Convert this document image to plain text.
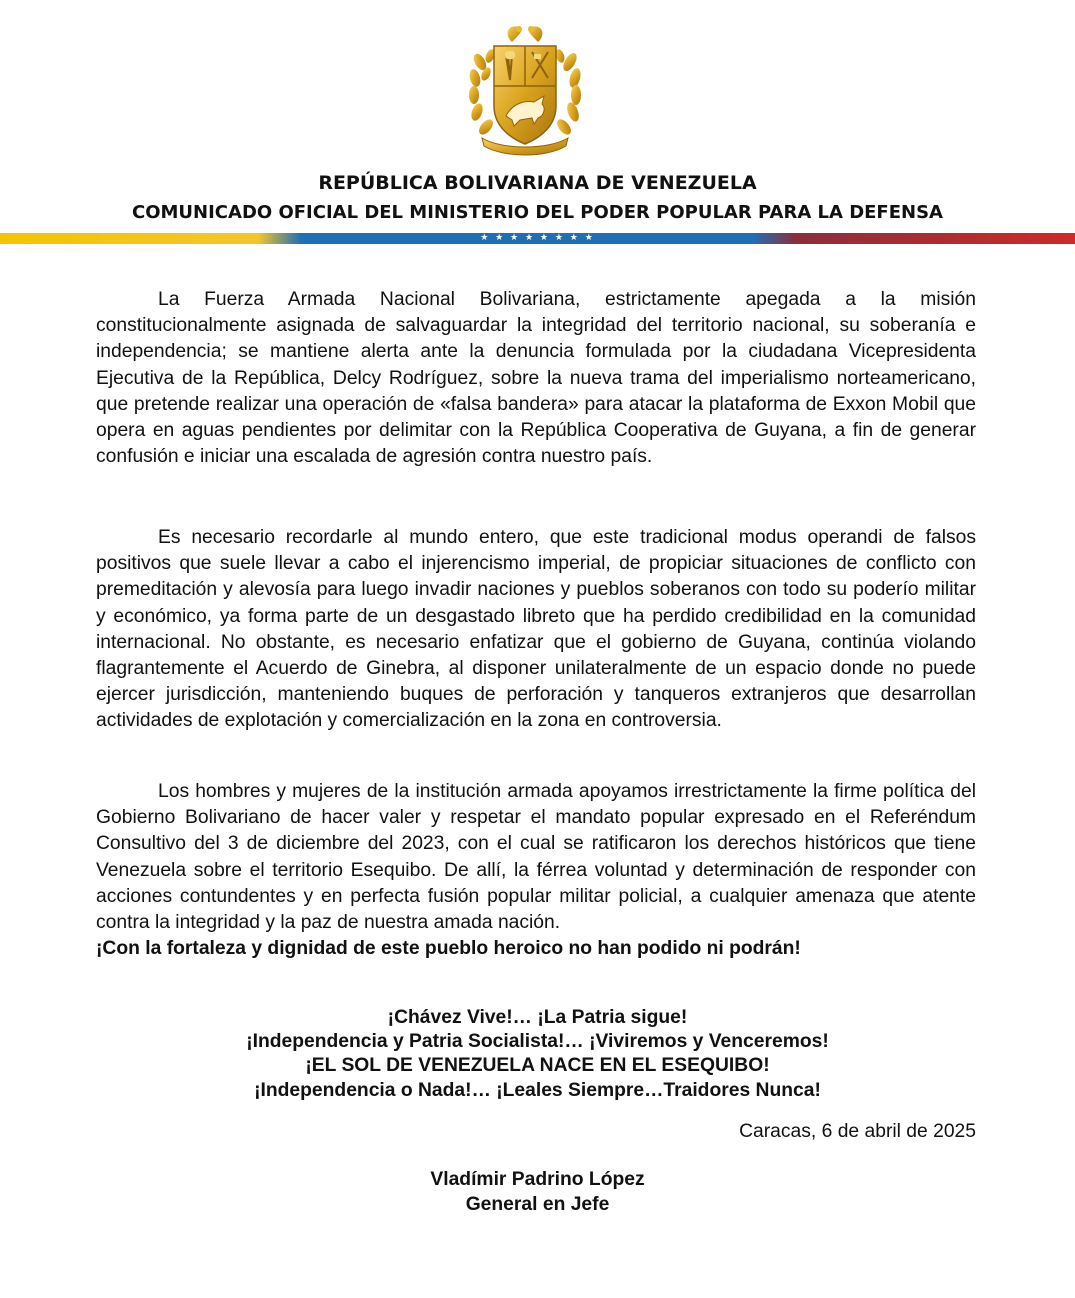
REPÚBLICA BOLIVARIANA DE VENEZUELA
COMUNICADO OFICIAL DEL MINISTERIO DEL PODER POPULAR PARA LA DEFENSA
★ ★ ★ ★ ★ ★ ★ ★

La Fuerza Armada Nacional Bolivariana, estrictamente apegada a la misión constitucionalmente asignada de salvaguardar la integridad del territorio nacional, su soberanía e independencia; se mantiene alerta ante la denuncia formulada por la ciudadana Vicepresidenta Ejecutiva de la República, Delcy Rodríguez, sobre la nueva trama del imperialismo norteamericano, que pretende realizar una operación de «falsa bandera» para atacar la plataforma de Exxon Mobil que opera en aguas pendientes por delimitar con la República Cooperativa de Guyana, a fin de generar confusión e iniciar una escalada de agresión contra nuestro país.

Es necesario recordarle al mundo entero, que este tradicional modus operandi de falsos positivos que suele llevar a cabo el injerencismo imperial, de propiciar situaciones de conflicto con premeditación y alevosía para luego invadir naciones y pueblos soberanos con todo su poderío militar y económico, ya forma parte de un desgastado libreto que ha perdido credibilidad en la comunidad internacional. No obstante, es necesario enfatizar que el gobierno de Guyana, continúa violando flagrantemente el Acuerdo de Ginebra, al disponer unilateralmente de un espacio donde no puede ejercer jurisdicción, manteniendo buques de perforación y tanqueros extranjeros que desarrollan actividades de explotación y comercialización en la zona en controversia.

Los hombres y mujeres de la institución armada apoyamos irrestrictamente la firme política del Gobierno Bolivariano de hacer valer y respetar el mandato popular expresado en el Referéndum Consultivo del 3 de diciembre del 2023, con el cual se ratificaron los derechos históricos que tiene Venezuela sobre el territorio Esequibo. De allí, la férrea voluntad y determinación de responder con acciones contundentes y en perfecta fusión popular militar policial, a cualquier amenaza que atente contra la integridad y la paz de nuestra amada nación.

¡Con la fortaleza y dignidad de este pueblo heroico no han podido ni podrán!
¡Chávez Vive!… ¡La Patria sigue!
¡Independencia y Patria Socialista!… ¡Viviremos y Venceremos!
¡EL SOL DE VENEZUELA NACE EN EL ESEQUIBO!
¡Independencia o Nada!… ¡Leales Siempre…Traidores Nunca!
Caracas, 6 de abril de 2025
Vladímir Padrino López
General en Jefe
